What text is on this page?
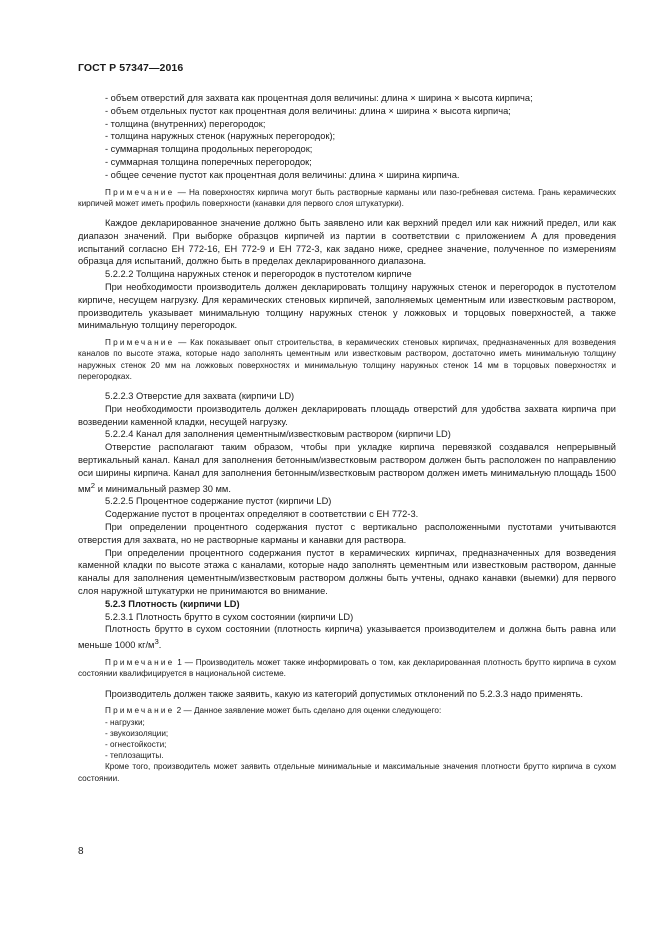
ГОСТ Р 57347—2016
- объем отверстий для захвата как процентная доля величины: длина × ширина × высота кирпича;
- объем отдельных пустот как процентная доля величины: длина × ширина × высота кирпича;
- толщина (внутренних) перегородок;
- толщина наружных стенок (наружных перегородок);
- суммарная толщина продольных перегородок;
- суммарная толщина поперечных перегородок;
- общее сечение пустот как процентная доля величины: длина × ширина кирпича.

Примечание — На поверхностях кирпича могут быть растворные карманы или пазо-гребневая система. Грань керамических кирпичей может иметь профиль поверхности (канавки для первого слоя штукатурки).

Каждое декларированное значение должно быть заявлено или как верхний предел или как нижний предел, или как диапазон значений. При выборке образцов кирпичей из партии в соответствии с приложением А для проведения испытаний согласно ЕН 772-16, ЕН 772-9 и ЕН 772-3, как задано ниже, среднее значение, полученное по измерениям образца для испытаний, должно быть в пределах декларированного диапазона.

5.2.2.2 Толщина наружных стенок и перегородок в пустотелом кирпиче

При необходимости производитель должен декларировать толщину наружных стенок и перегородок в пустотелом кирпиче, несущем нагрузку. Для керамических стеновых кирпичей, заполняемых цементным или известковым раствором, производитель указывает минимальную толщину наружных стенок у ложковых и торцовых поверхностей, а также минимальную толщину перегородок.

Примечание — Как показывает опыт строительства, в керамических стеновых кирпичах, предназначенных для возведения каналов по высоте этажа, которые надо заполнять цементным или известковым раствором, достаточно иметь минимальную толщину наружных стенок 20 мм на ложковых поверхностях и минимальную толщину наружных стенок 14 мм в торцовых поверхностях и перегородках.

5.2.2.3 Отверстие для захвата (кирпичи LD)

При необходимости производитель должен декларировать площадь отверстий для удобства захвата кирпича при возведении каменной кладки, несущей нагрузку.

5.2.2.4 Канал для заполнения цементным/известковым раствором (кирпичи LD)

Отверстие располагают таким образом, чтобы при укладке кирпича перевязкой создавался непрерывный вертикальный канал. Канал для заполнения бетонным/известковым раствором должен быть расположен по направлению оси ширины кирпича. Канал для заполнения бетонным/известковым раствором должен иметь минимальную площадь 1500 $мм^2$ и минимальный размер 30 мм.

5.2.2.5 Процентное содержание пустот (кирпичи LD)

Содержание пустот в процентах определяют в соответствии с ЕН 772-3.

При определении процентного содержания пустот с вертикально расположенными пустотами учитываются отверстия для захвата, но не растворные карманы и канавки для раствора.

При определении процентного содержания пустот в керамических кирпичах, предназначенных для возведения каменной кладки по высоте этажа с каналами, которые надо заполнять цементным или известковым раствором, данные каналы для заполнения цементным/известковым раствором должны быть учтены, однако канавки (выемки) для первого слоя наружной штукатурки не принимаются во внимание.

5.2.3 Плотность (кирпичи LD)

5.2.3.1 Плотность брутто в сухом состоянии (кирпичи LD)

Плотность брутто в сухом состоянии (плотность кирпича) указывается производителем и должна быть равна или меньше 1000 $кг/м^3$.

Примечание 1 — Производитель может также информировать о том, как декларированная плотность брутто кирпича в сухом состоянии квалифицируется в национальной системе.

Производитель должен также заявить, какую из категорий допустимых отклонений по 5.2.3.3 надо применять.

Примечание 2 — Данное заявление может быть сделано для оценки следующего:

- нагрузки;
- звукоизоляции;
- огнестойкости;
- теплозащиты.

Кроме того, производитель может заявить отдельные минимальные и максимальные значения плотности брутто кирпича в сухом состоянии.

8
